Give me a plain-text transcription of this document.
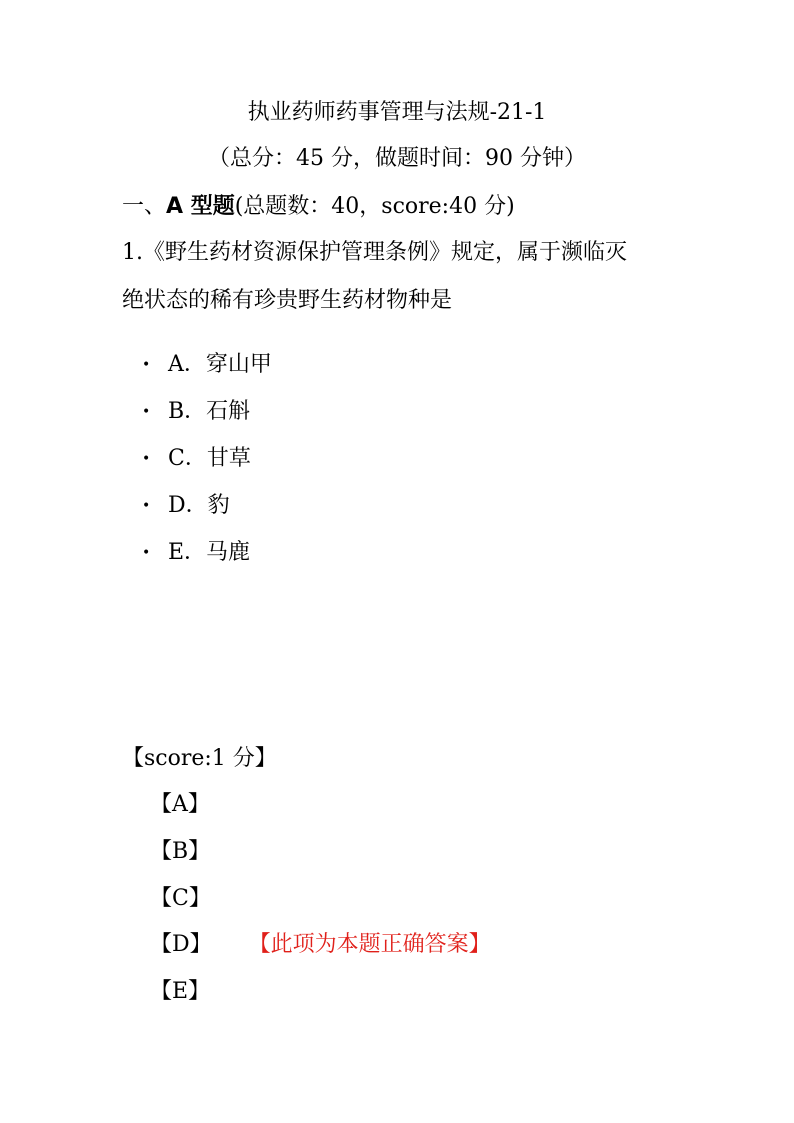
执业药师药事管理与法规-21-1
（总分：45 分，做题时间：90 分钟）
一、A 型题(总题数：40，score:40 分)
1.《野生药材资源保护管理条例》规定，属于濒临灭
绝状态的稀有珍贵野生药材物种是
• A．穿山甲
• B．石斛
• C．甘草
• D．豹
• E．马鹿
【score:1 分】
【A】
【B】
【C】
【D】 【此项为本题正确答案】
【E】
